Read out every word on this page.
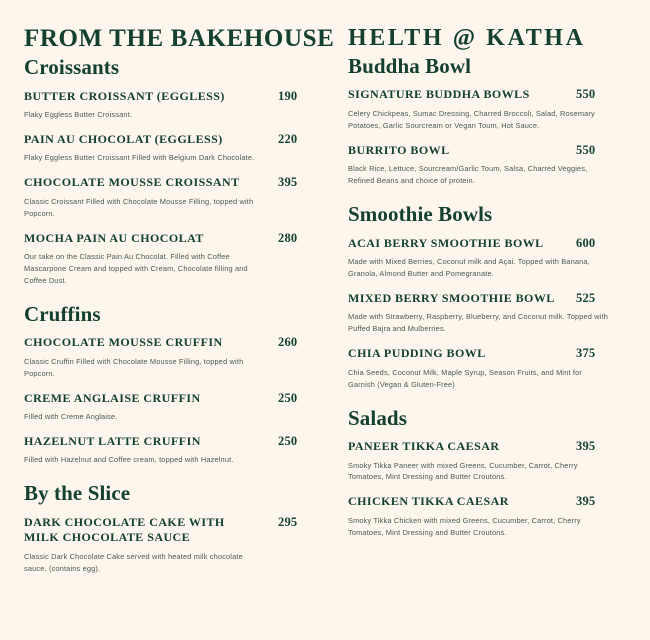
FROM THE BAKEHOUSE
Croissants
BUTTER CROISSANT (EGGLESS)	190
Flaky Eggless Butter Croissant.
PAIN AU CHOCOLAT (EGGLESS)	220
Flaky Eggless Butter Croissant Filled with Belgium Dark Chocolate.
CHOCOLATE MOUSSE CROISSANT	395
Classic Croissant Filled with Chocolate Mousse Filling, topped with Popcorn.
MOCHA PAIN AU CHOCOLAT	280
Our take on the Classic Pain Au Chocolat. Filled with Coffee Mascarpone Cream and topped with Cream, Chocolate filling and Coffee Dust.
Cruffins
CHOCOLATE MOUSSE CRUFFIN	260
Classic Cruffin Filled with Chocolate Mousse Filling, topped with Popcorn.
CREME ANGLAISE CRUFFIN	250
Filled with Creme Anglaise.
HAZELNUT LATTE CRUFFIN	250
Filled with Hazelnut and Coffee cream, topped with Hazelnut.
By the Slice
DARK CHOCOLATE CAKE WITH MILK CHOCOLATE SAUCE
295
Classic Dark Chocolate Cake served with heated milk chocolate sauce. (contains egg).
HELTH @ KATHA
Buddha Bowl
SIGNATURE BUDDHA BOWLS	550
Celery Chickpeas, Sumac Dressing, Charred Broccoli, Salad, Rosemary Potatoes, Garlic Sourcream or Vegan Toum, Hot Sauce.
BURRITO BOWL	550
Black Rice, Lettuce, Sourcream/Garlic Toum, Salsa, Charred Veggies, Refined Beans and choice of protein.
Smoothie Bowls
ACAI BERRY SMOOTHIE BOWL	600
Made with Mixed Berries, Coconut milk and Açai. Topped with Banana, Granola, Almond Butter and Pomegranate.
MIXED BERRY SMOOTHIE BOWL 525
Made with Strawberry, Raspberry, Blueberry, and Coconut milk. Topped with Puffed Bajra and Mulberries.
CHIA PUDDING BOWL	375
Chia Seeds, Coconut Milk, Maple Syrup, Season Fruits, and Mint for Garnish (Vegan & Gluten-Free)
Salads
PANEER TIKKA CAESAR	395
Smoky Tikka Paneer with mixed Greens, Cucumber, Carrot, Cherry Tomatoes, Mint Dressing and Butter Croutons.
CHICKEN TIKKA CAESAR	395
Smoky Tikka Chicken with mixed Greens, Cucumber, Carrot, Cherry Tomatoes, Mint Dressing and Butter Croutons.
